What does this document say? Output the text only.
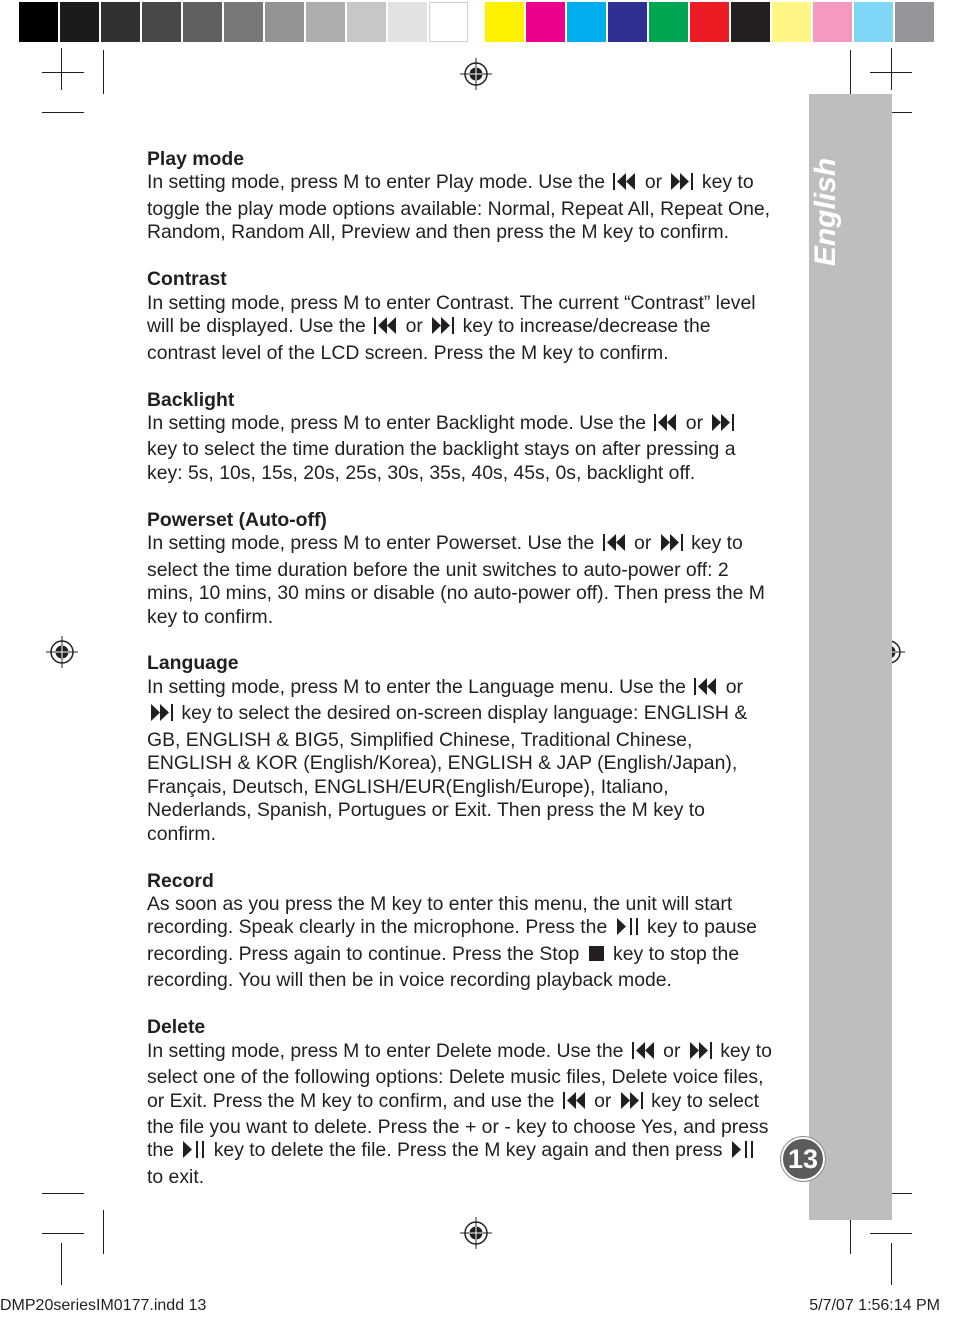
English
13
Play mode

In setting mode, press M to enter Play mode. Use the  or  key to toggle the play mode options available: Normal, Repeat All, Repeat One, Random, Random All, Preview and then press the M key to confirm.

Contrast

In setting mode, press M to enter Contrast. The current “Contrast” level will be displayed. Use the  or  key to increase/decrease the contrast level of the LCD screen. Press the M key to confirm.

Backlight

In setting mode, press M to enter Backlight mode. Use the  or  key to select the time duration the backlight stays on after pressing a key: 5s, 10s, 15s, 20s, 25s, 30s, 35s, 40s, 45s, 0s, backlight off.

Powerset (Auto-off)

In setting mode, press M to enter Powerset. Use the  or  key to select the time duration before the unit switches to auto-power off: 2 mins, 10 mins, 30 mins or disable (no auto-power off). Then press the M key to confirm.

Language

In setting mode, press M to enter the Language menu. Use the  or  key to select the desired on-screen display language: ENGLISH & GB, ENGLISH & BIG5, Simplified Chinese, Traditional Chinese, ENGLISH & KOR (English/Korea), ENGLISH & JAP (English/Japan), Français, Deutsch, ENGLISH/EUR(English/Europe), Italiano, Nederlands, Spanish, Portugues or Exit. Then press the M key to confirm.

Record

As soon as you press the M key to enter this menu, the unit will start recording. Speak clearly in the microphone. Press the  key to pause recording. Press again to continue. Press the Stop  key to stop the recording. You will then be in voice recording playback mode.

Delete

In setting mode, press M to enter Delete mode. Use the  or  key to select one of the following options: Delete music files, Delete voice files, or Exit. Press the M key to confirm, and use the  or  key to select the file you want to delete. Press the + or - key to choose Yes, and press the  key to delete the file. Press the M key again and then press  to exit.

DMP20seriesIM0177.indd 13	5/7/07 1:56:14 PM
